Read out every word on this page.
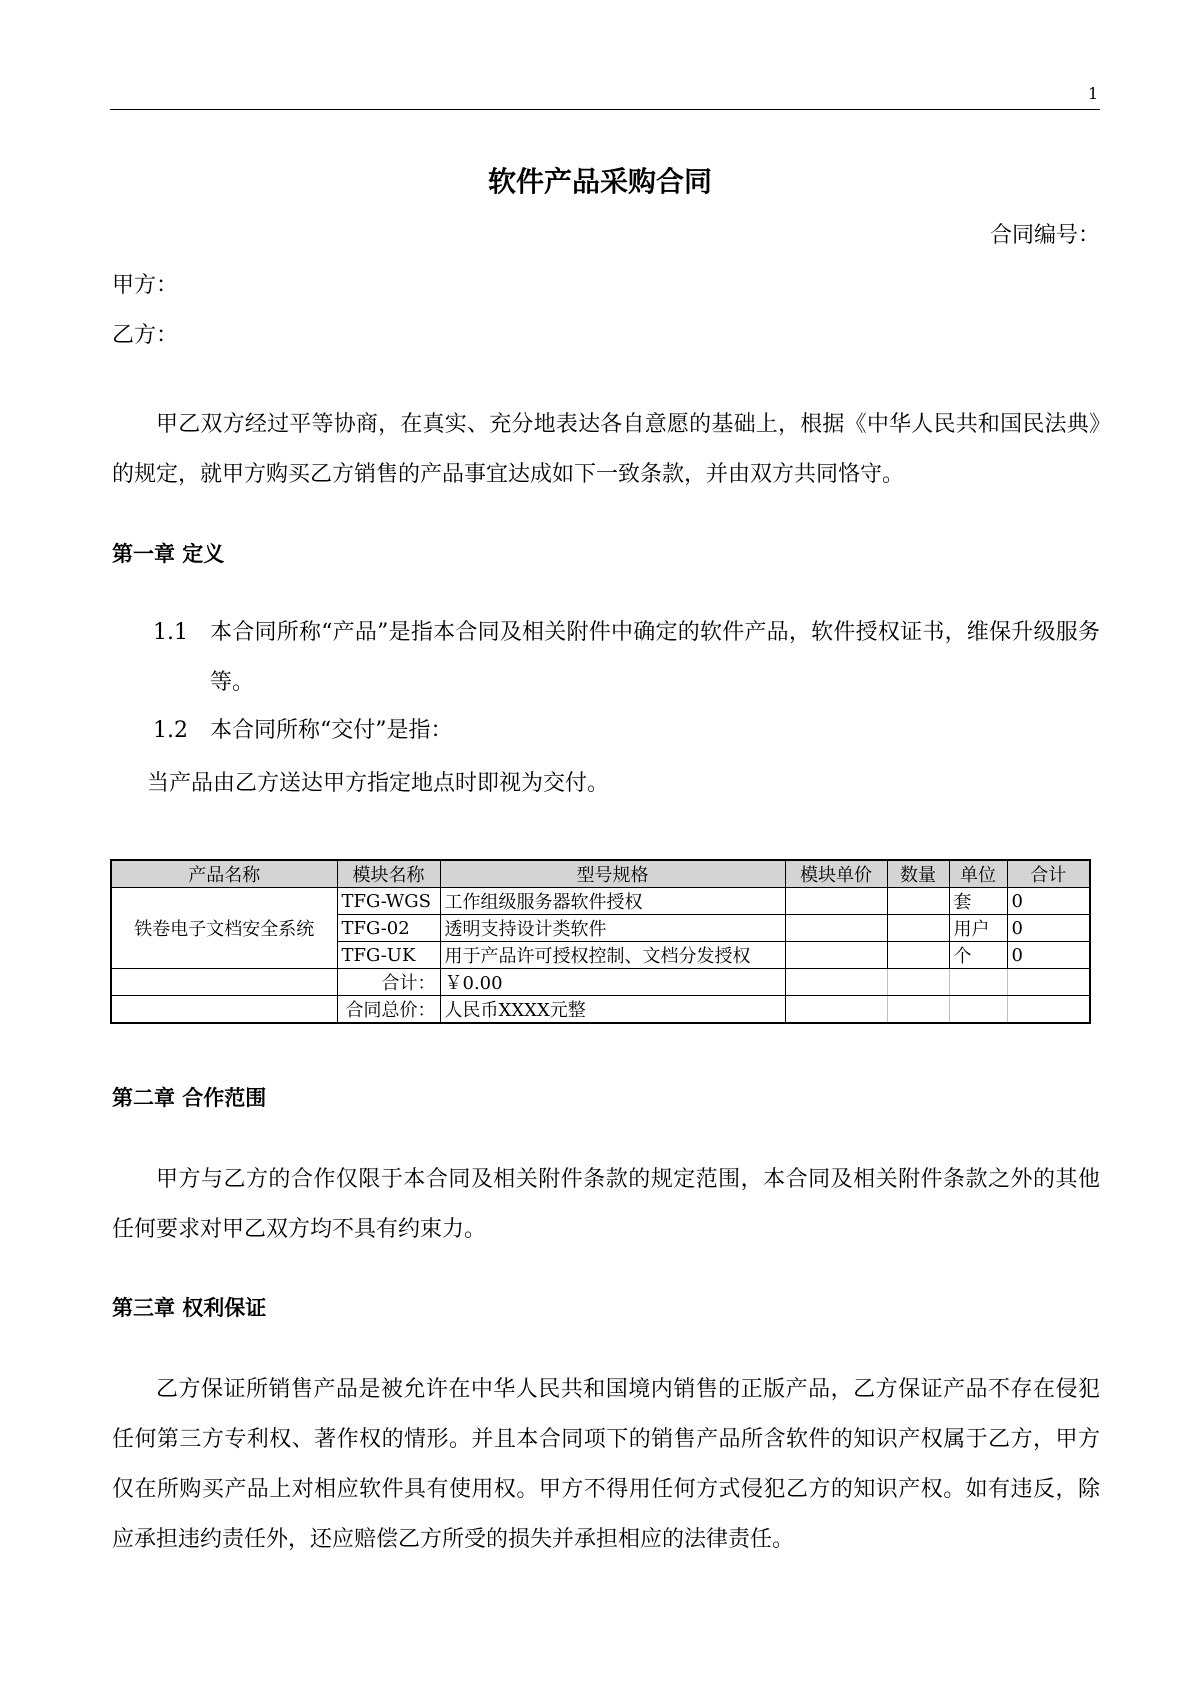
1
软件产品采购合同
合同编号：
甲方：
乙方：
甲乙双方经过平等协商，在真实、充分地表达各自意愿的基础上，根据《中华人民共和国民法典》的规定，就甲方购买乙方销售的产品事宜达成如下一致条款，并由双方共同恪守。
第一章 定义
1.1 本合同所称“产品”是指本合同及相关附件中确定的软件产品，软件授权证书，维保升级服务等。
1.2 本合同所称“交付”是指：
当产品由乙方送达甲方指定地点时即视为交付。
产品名称	模块名称	型号规格	模块单价	数量	单位	合计
铁卷电子文档安全系统	TFG-WGS	工作组级服务器软件授权			套	0
	TFG-02	透明支持设计类软件			用户	0
	TFG-UK	用于产品许可授权控制、文档分发授权			个	0
	合计：	￥0.00				
	合同总价：	人民币XXXX元整				
第二章 合作范围
甲方与乙方的合作仅限于本合同及相关附件条款的规定范围，本合同及相关附件条款之外的其他任何要求对甲乙双方均不具有约束力。
第三章 权利保证
乙方保证所销售产品是被允许在中华人民共和国境内销售的正版产品，乙方保证产品不存在侵犯任何第三方专利权、著作权的情形。并且本合同项下的销售产品所含软件的知识产权属于乙方，甲方仅在所购买产品上对相应软件具有使用权。甲方不得用任何方式侵犯乙方的知识产权。如有违反，除应承担违约责任外，还应赔偿乙方所受的损失并承担相应的法律责任。
